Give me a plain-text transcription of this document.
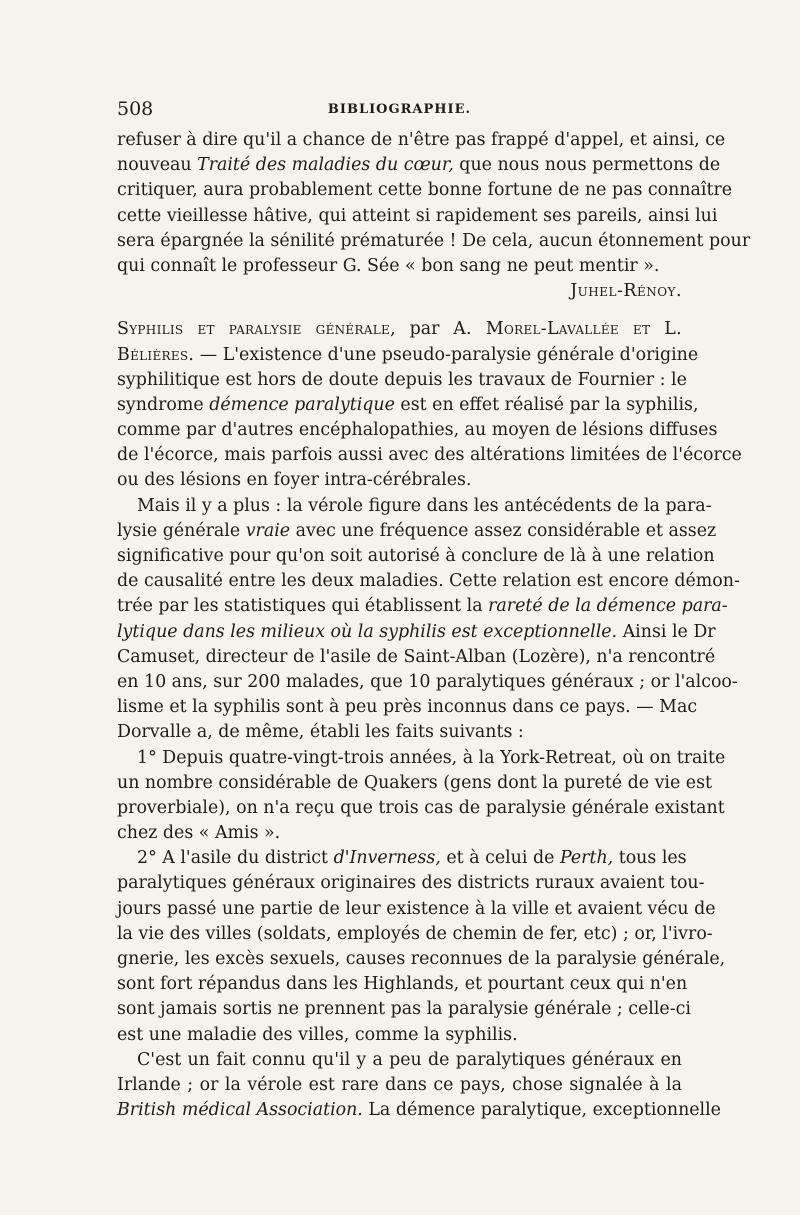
508	BIBLIOGRAPHIE.
refuser à dire qu'il a chance de n'être pas frappé d'appel, et ainsi, ce
nouveau Traité des maladies du cœur, que nous nous permettons de
critiquer, aura probablement cette bonne fortune de ne pas connaître
cette vieillesse hâtive, qui atteint si rapidement ses pareils, ainsi lui
sera épargnée la sénilité prématurée ! De cela, aucun étonnement pour
qui connaît le professeur G. Sée « bon sang ne peut mentir ».
Juhel-Rénoy.
Syphilis et paralysie générale, par A. Morel-Lavallée et L.
Bélières. — L'existence d'une pseudo-paralysie générale d'origine
syphilitique est hors de doute depuis les travaux de Fournier : le
syndrome démence paralytique est en effet réalisé par la syphilis,
comme par d'autres encéphalopathies, au moyen de lésions diffuses
de l'écorce, mais parfois aussi avec des altérations limitées de l'écorce
ou des lésions en foyer intra-cérébrales.
Mais il y a plus : la vérole figure dans les antécédents de la para-
lysie générale vraie avec une fréquence assez considérable et assez
significative pour qu'on soit autorisé à conclure de là à une relation
de causalité entre les deux maladies. Cette relation est encore démon-
trée par les statistiques qui établissent la rareté de la démence para-
lytique dans les milieux où la syphilis est exceptionnelle. Ainsi le Dr
Camuset, directeur de l'asile de Saint-Alban (Lozère), n'a rencontré
en 10 ans, sur 200 malades, que 10 paralytiques généraux ; or l'alcoo-
lisme et la syphilis sont à peu près inconnus dans ce pays. — Mac
Dorvalle a, de même, établi les faits suivants :
1° Depuis quatre-vingt-trois années, à la York-Retreat, où on traite
un nombre considérable de Quakers (gens dont la pureté de vie est
proverbiale), on n'a reçu que trois cas de paralysie générale existant
chez des « Amis ».
2° A l'asile du district d'Inverness, et à celui de Perth, tous les
paralytiques généraux originaires des districts ruraux avaient tou-
jours passé une partie de leur existence à la ville et avaient vécu de
la vie des villes (soldats, employés de chemin de fer, etc) ; or, l'ivro-
gnerie, les excès sexuels, causes reconnues de la paralysie générale,
sont fort répandus dans les Highlands, et pourtant ceux qui n'en
sont jamais sortis ne prennent pas la paralysie générale ; celle-ci
est une maladie des villes, comme la syphilis.
C'est un fait connu qu'il y a peu de paralytiques généraux en
Irlande ; or la vérole est rare dans ce pays, chose signalée à la
British médical Association. La démence paralytique, exceptionnelle
